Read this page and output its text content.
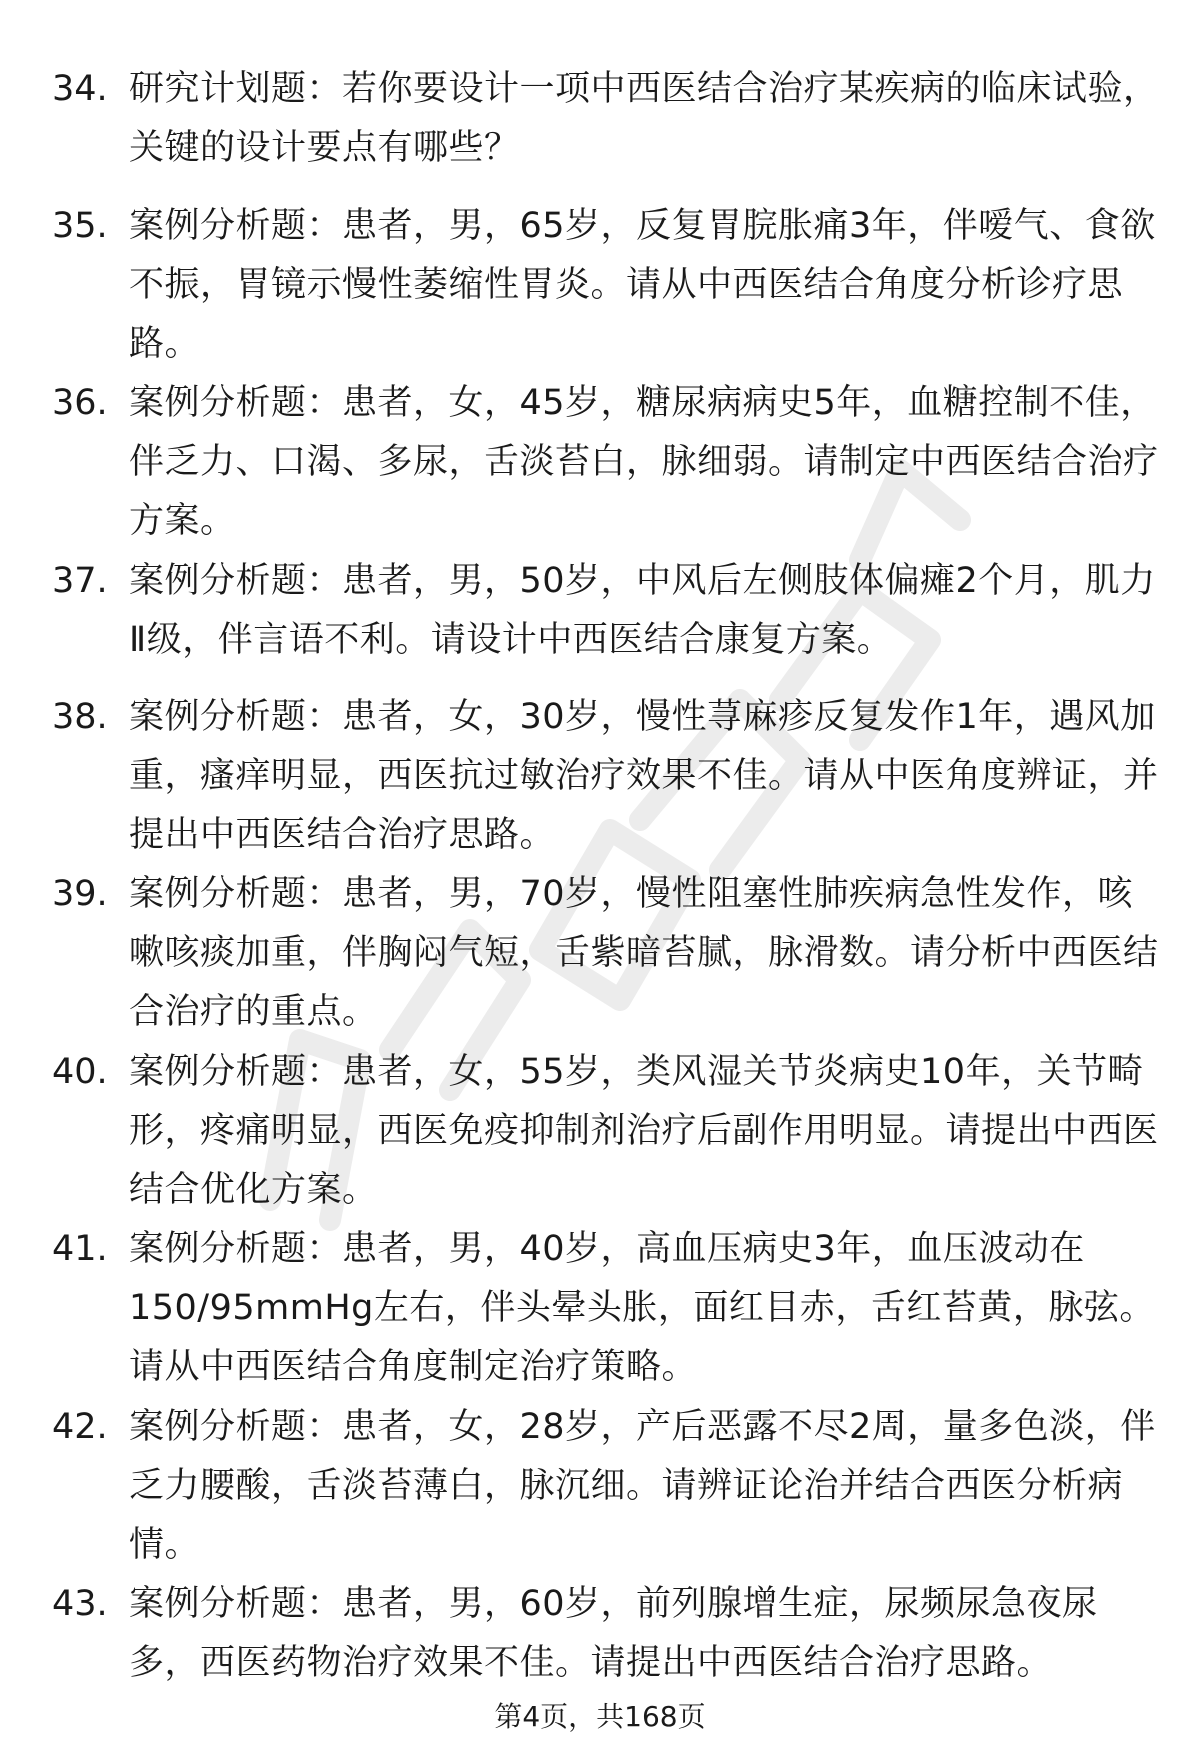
34. 研究计划题：若你要设计一项中西医结合治疗某疾病的临床试验，关键的设计要点有哪些？
35. 案例分析题：患者，男，65岁，反复胃脘胀痛3年，伴嗳气、食欲不振，胃镜示慢性萎缩性胃炎。请从中西医结合角度分析诊疗思路。
36. 案例分析题：患者，女，45岁，糖尿病病史5年，血糖控制不佳，伴乏力、口渴、多尿，舌淡苔白，脉细弱。请制定中西医结合治疗方案。
37. 案例分析题：患者，男，50岁，中风后左侧肢体偏瘫2个月，肌力Ⅱ级，伴言语不利。请设计中西医结合康复方案。
38. 案例分析题：患者，女，30岁，慢性荨麻疹反复发作1年，遇风加重，瘙痒明显，西医抗过敏治疗效果不佳。请从中医角度辨证，并提出中西医结合治疗思路。
39. 案例分析题：患者，男，70岁，慢性阻塞性肺疾病急性发作，咳嗽咳痰加重，伴胸闷气短，舌紫暗苔腻，脉滑数。请分析中西医结合治疗的重点。
40. 案例分析题：患者，女，55岁，类风湿关节炎病史10年，关节畸形，疼痛明显，西医免疫抑制剂治疗后副作用明显。请提出中西医结合优化方案。
41. 案例分析题：患者，男，40岁，高血压病史3年，血压波动在150/95mmHg左右，伴头晕头胀，面红目赤，舌红苔黄，脉弦。请从中西医结合角度制定治疗策略。
42. 案例分析题：患者，女，28岁，产后恶露不尽2周，量多色淡，伴乏力腰酸，舌淡苔薄白，脉沉细。请辨证论治并结合西医分析病情。
43. 案例分析题：患者，男，60岁，前列腺增生症，尿频尿急夜尿多，西医药物治疗效果不佳。请提出中西医结合治疗思路。
第4页，共168页
